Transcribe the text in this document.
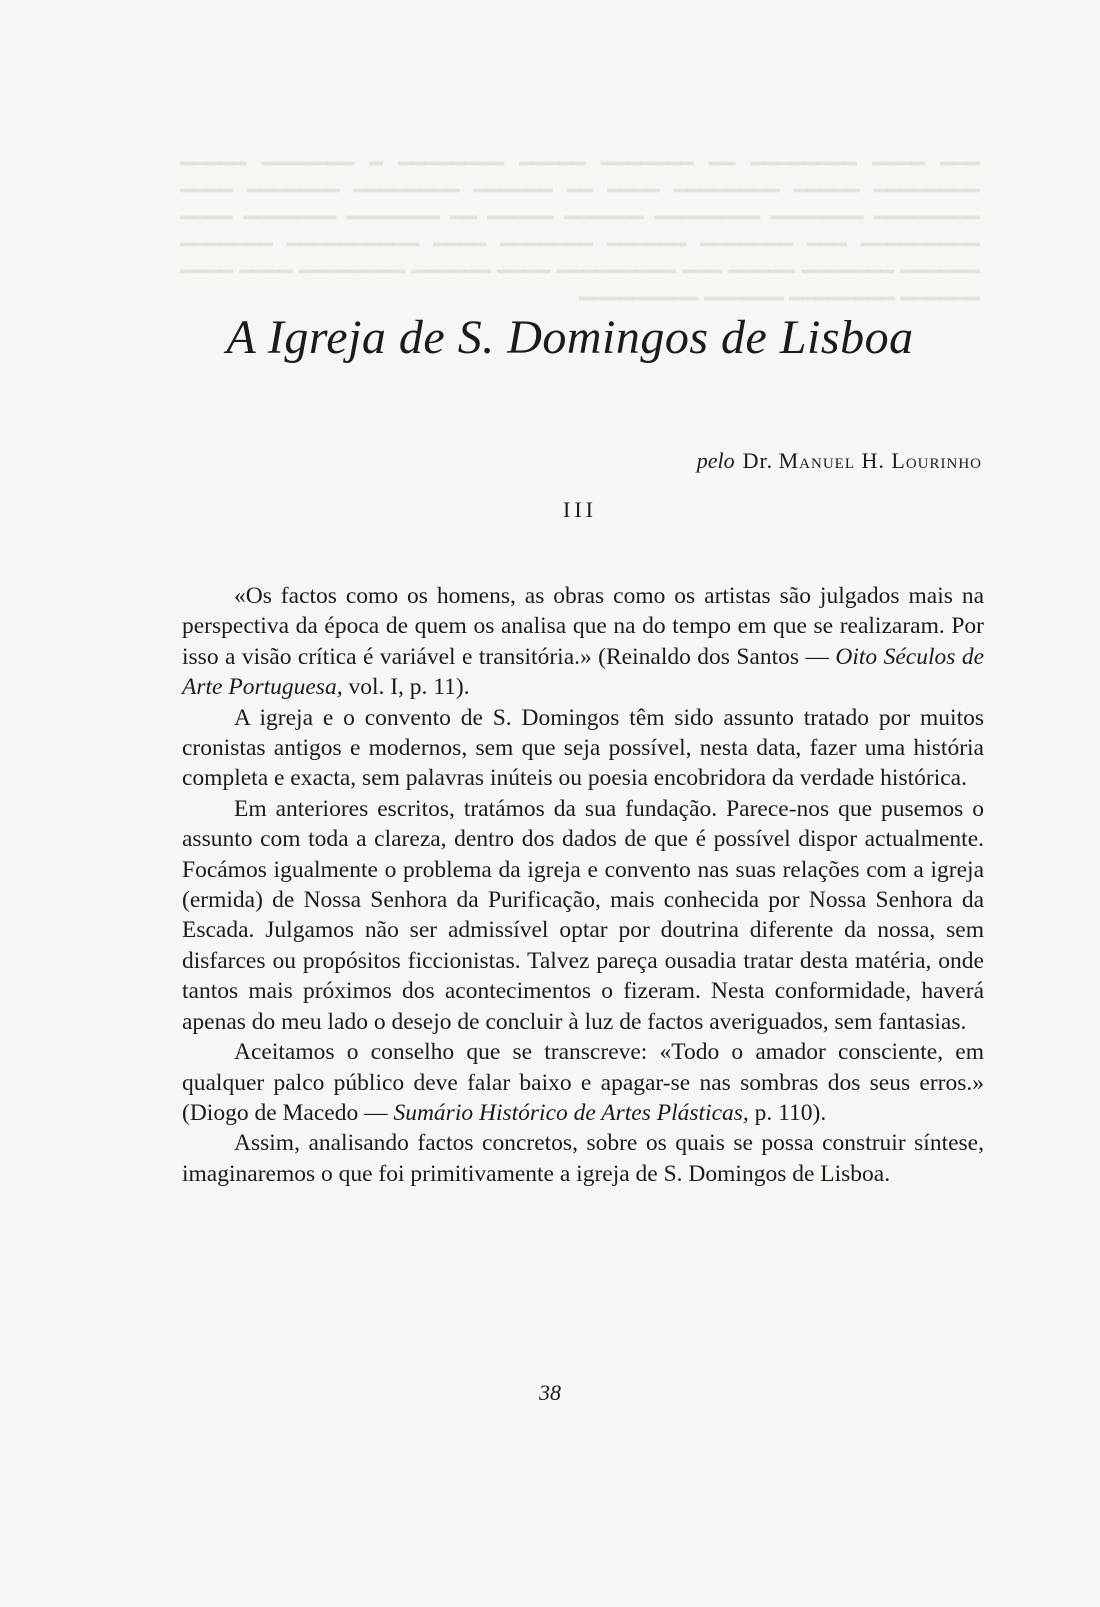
━━━ ━━━━ ━━━━━━━━ ━━ ━━━━━━━ ━━━━━ ━━━━━━━━ ━ ━━━━━━━ ━━━━━ ━━━━━━━━ ━━━━━ ━━━━━━━━ ━━━━ ━━ ━━━━━━ ━━━━━━━━ ━━━━━━━ ━━━━ ━━━━━━━━ ━━━━━━━ ━━━━━━━━ ━━━━━━ ━━━━━ ━━ ━━━━━━━ ━━━━━━━ ━━━━ ━━━━━━━━━ ━━━ ━━━━━━━ ━━━━━━ ━━━━━━━ ━━━━ ━━━━━━━━━━ ━━━━━━━ ━━━━━━ ━━━━━━━ ━━━━━ ━━━ ━━━━━━━━━ ━━━━ ━━━━━━ ━━━━━━━━ ━━━━ ━━━━ ━━━━━━ ━━━━━━━━ ━━━━━━ ━━━━━━━━━
A Igreja de S. Domingos de Lisboa
pelo Dr. Manuel H. Lourinho
III

«Os factos como os homens, as obras como os artistas são julgados mais na perspectiva da época de quem os analisa que na do tempo em que se realizaram. Por isso a visão crítica é variável e transitória.» (Reinaldo dos Santos — Oito Séculos de Arte Portuguesa, vol. I, p. 11).

A igreja e o convento de S. Domingos têm sido assunto tratado por muitos cronistas antigos e modernos, sem que seja possível, nesta data, fazer uma história completa e exacta, sem palavras inúteis ou poesia encobridora da verdade histórica.

Em anteriores escritos, tratámos da sua fundação. Parece-nos que pusemos o assunto com toda a clareza, dentro dos dados de que é possível dispor actualmente. Focámos igualmente o problema da igreja e convento nas suas relações com a igreja (ermida) de Nossa Senhora da Purificação, mais conhecida por Nossa Senhora da Escada. Julgamos não ser admissível optar por doutrina diferente da nossa, sem disfarces ou propósitos ficcionistas. Talvez pareça ousadia tratar desta matéria, onde tantos mais próximos dos acontecimentos o fizeram. Nesta conformidade, haverá apenas do meu lado o desejo de concluir à luz de factos averiguados, sem fantasias.

Aceitamos o conselho que se transcreve: «Todo o amador consciente, em qualquer palco público deve falar baixo e apagar-se nas sombras dos seus erros.» (Diogo de Macedo — Sumário Histórico de Artes Plásticas, p. 110).

Assim, analisando factos concretos, sobre os quais se possa construir síntese, imaginaremos o que foi primitivamente a igreja de S. Domingos de Lisboa.

38
